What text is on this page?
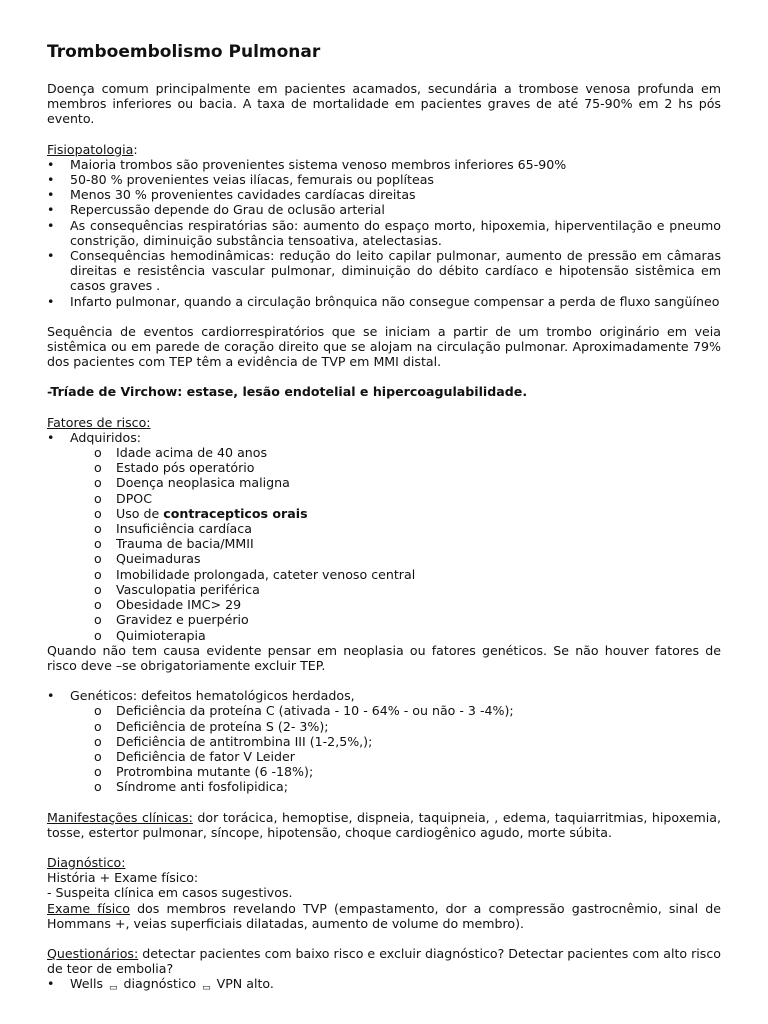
Tromboembolismo Pulmonar

Doença comum principalmente em pacientes acamados, secundária a trombose venosa profunda em membros inferiores ou bacia. A taxa de mortalidade em pacientes graves de até 75-90% em 2 hs pós evento.

Fisiopatologia:

• Maioria trombos são provenientes sistema venoso membros inferiores 65-90%
• 50-80 % provenientes veias ilíacas, femurais ou poplíteas
• Menos 30 % provenientes cavidades cardíacas direitas
• Repercussão depende do Grau de oclusão arterial
• As consequências respiratórias são: aumento do espaço morto, hipoxemia, hiperventilação e pneumo constrição, diminuição substância tensoativa, atelectasias.
• Consequências hemodinâmicas: redução do leito capilar pulmonar, aumento de pressão em câmaras direitas e resistência vascular pulmonar, diminuição do débito cardíaco e hipotensão sistêmica em casos graves .
• Infarto pulmonar, quando a circulação brônquica não consegue compensar a perda de fluxo sangüíneo

Sequência de eventos cardiorrespiratórios que se iniciam a partir de um trombo originário em veia sistêmica ou em parede de coração direito que se alojam na circulação pulmonar. Aproximadamente 79% dos pacientes com TEP têm a evidência de TVP em MMI distal.

-Tríade de Virchow: estase, lesão endotelial e hipercoagulabilidade.

Fatores de risco:

• Adquiridos:
o Idade acima de 40 anos
o Estado pós operatório
o Doença neoplasica maligna
o DPOC
o Uso de contracepticos orais
o Insuficiência cardíaca
o Trauma de bacia/MMII
o Queimaduras
o Imobilidade prolongada, cateter venoso central
o Vasculopatia periférica
o Obesidade IMC> 29
o Gravidez e puerpério
o Quimioterapia

Quando não tem causa evidente pensar em neoplasia ou fatores genéticos. Se não houver fatores de risco deve –se obrigatoriamente excluir TEP.

• Genéticos: defeitos hematológicos herdados,
o Deficiência da proteína C (ativada - 10 - 64% - ou não - 3 -4%);
o Deficiência de proteína S (2- 3%);
o Deficiência de antitrombina III (1-2,5%,);
o Deficiência de fator V Leider
o Protrombina mutante (6 -18%);
o Síndrome anti fosfolipidica;

Manifestações clínicas: dor torácica, hemoptise, dispneia, taquipneia, , edema, taquiarritmias, hipoxemia, tosse, estertor pulmonar, síncope, hipotensão, choque cardiogênico agudo, morte súbita.

Diagnóstico:

História + Exame físico:

- Suspeita clínica em casos sugestivos.

Exame físico dos membros revelando TVP (empastamento, dor a compressão gastrocnêmio, sinal de Hommans +, veias superficiais dilatadas, aumento de volume do membro).

Questionários: detectar pacientes com baixo risco e excluir diagnóstico? Detectar pacientes com alto risco de teor de embolia?

• Wells ▭ diagnóstico ▭ VPN alto.
